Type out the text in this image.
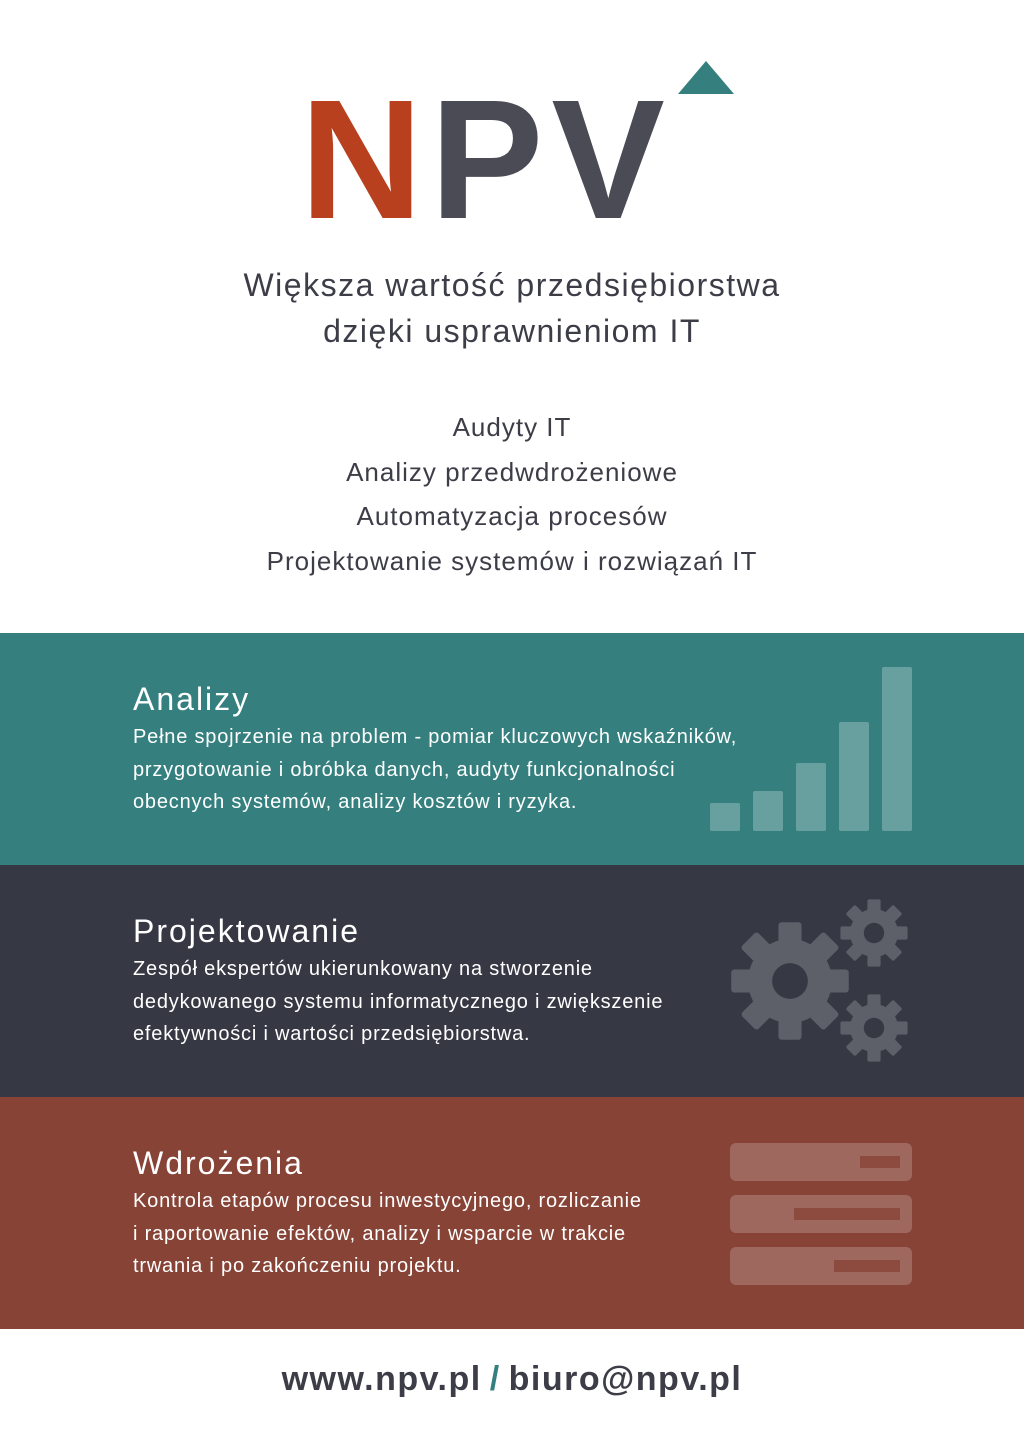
N PV
Większa wartość przedsiębiorstwa
dzięki usprawnieniom IT
Audyty IT
Analizy przedwdrożeniowe
Automatyzacja procesów
Projektowanie systemów i rozwiązań IT
Analizy
Pełne spojrzenie na problem - pomiar kluczowych wskaźników,
przygotowanie i obróbka danych, audyty funkcjonalności
obecnych systemów, analizy kosztów i ryzyka.
Projektowanie
Zespół ekspertów ukierunkowany na stworzenie
dedykowanego systemu informatycznego i zwiększenie
efektywności i wartości przedsiębiorstwa.
Wdrożenia
Kontrola etapów procesu inwestycyjnego, rozliczanie
i raportowanie efektów, analizy i wsparcie w trakcie
trwania i po zakończeniu projektu.
www.npv.pl / biuro@npv.pl
